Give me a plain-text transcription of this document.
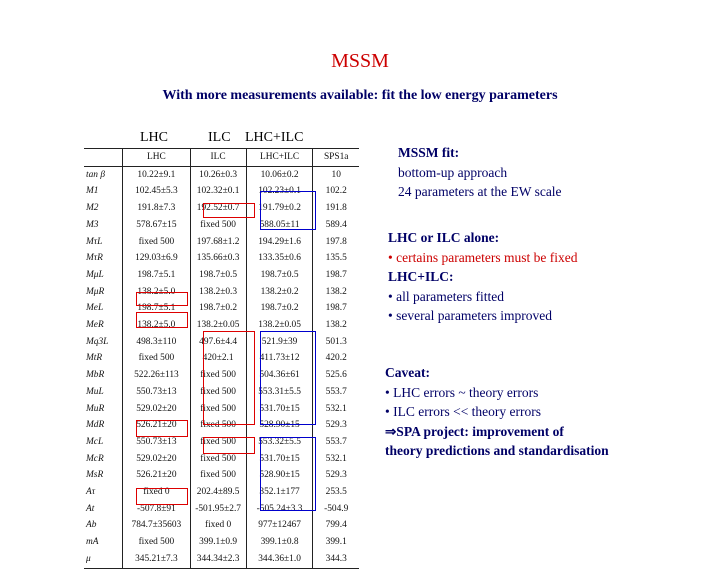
MSSM
With more measurements available: fit the low energy parameters
LHC	ILC LHC+ILC
	LHC	ILC	LHC+ILC	SPS1a
tan β	10.22±9.1	10.26±0.3	10.06±0.2	10
M1	102.45±5.3	102.32±0.1	102.23±0.1	102.2
M2	191.8±7.3	192.52±0.7	191.79±0.2	191.8
M3	578.67±15	fixed 500	588.05±11	589.4
MτL	fixed 500	197.68±1.2	194.29±1.6	197.8
MτR	129.03±6.9	135.66±0.3	133.35±0.6	135.5
MμL	198.7±5.1	198.7±0.5	198.7±0.5	198.7
MμR	138.2±5.0	138.2±0.3	138.2±0.2	138.2
MeL	198.7±5.1	198.7±0.2	198.7±0.2	198.7
MeR	138.2±5.0	138.2±0.05	138.2±0.05	138.2
Mq3L	498.3±110	497.6±4.4	521.9±39	501.3
MtR	fixed 500	420±2.1	411.73±12	420.2
MbR	522.26±113	fixed 500	504.36±61	525.6
MuL	550.73±13	fixed 500	553.31±5.5	553.7
MuR	529.02±20	fixed 500	531.70±15	532.1
MdR	526.21±20	fixed 500	528.90±15	529.3
McL	550.73±13	fixed 500	553.32±5.5	553.7
McR	529.02±20	fixed 500	531.70±15	532.1
MsR	526.21±20	fixed 500	528.90±15	529.3
Aτ	fixed 0	202.4±89.5	352.1±177	253.5
At	-507.8±91	-501.95±2.7	-505.24±3.3	-504.9
Ab	784.7±35603	fixed 0	977±12467	799.4
mA	fixed 500	399.1±0.9	399.1±0.8	399.1
μ	345.21±7.3	344.34±2.3	344.36±1.0	344.3
MSSM fit:
bottom-up approach
24 parameters at the EW scale
LHC or ILC alone:
• certains parameters must be fixed
LHC+ILC:
• all parameters fitted
• several parameters improved
Caveat:
• LHC errors ~ theory errors
• ILC errors << theory errors
⇒SPA project: improvement of
theory predictions and standardisation
